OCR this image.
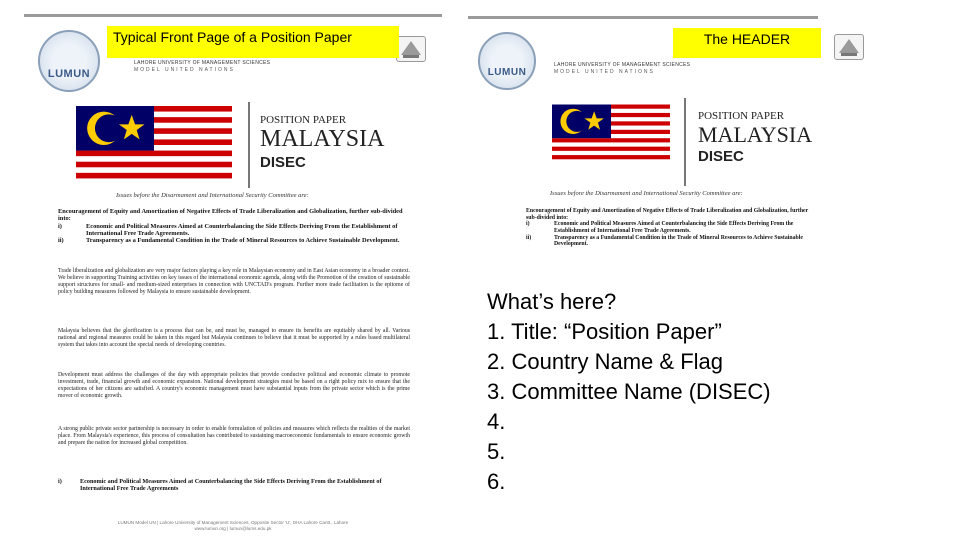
LUMUN
LAHORE UNIVERSITY OF MANAGEMENT SCIENCES
MODEL UNITED NATIONS
POSITION PAPER
MALAYSIA
DISEC
Issues before the Disarmament and International Security Committee are:
Encouragement of Equity and Amortization of Negative Effects of Trade Liberalization and Globalization, further sub-divided into:
i)	Economic and Political Measures Aimed at Counterbalancing the Side Effects Deriving From the Establishment of International Free Trade Agreements.
ii)	Transparency as a Fundamental Condition in the Trade of Mineral Resources to Achieve Sustainable Development.
Trade liberalization and globalization are very major factors playing a key role in Malaysian economy and in East Asian economy in a broader context. We believe in supporting Training activities on key issues of the international economic agenda, along with the Promotion of the creation of sustainable support structures for small- and medium-sized enterprises in connection with UNCTAD's program. Further more trade facilitation is the epitome of policy building measures followed by Malaysia to ensure sustainable development.
Malaysia believes that the glorification is a process that can be, and must be, managed to ensure its benefits are equitably shared by all. Various national and regional measures could be taken in this regard but Malaysia continues to believe that it must be supported by a rules based multilateral system that takes into account the special needs of developing countries.
Development must address the challenges of the day with appropriate policies that provide conducive political and economic climate to promote investment, trade, financial growth and economic expansion. National development strategies must be based on a right policy mix to ensure that the expectations of her citizens are satisfied. A country's economic management must have substantial inputs from the private sector which is the prime mover of economic growth.
A strong public private sector partnership is necessary in order to enable formulation of policies and measures which reflects the realities of the market place. From Malaysia's experience, this process of consultation has contributed to sustaining macroeconomic fundamentals to ensure economic growth and prepare the nation for increased global competition.
i)	Economic and Political Measures Aimed at Counterbalancing the Side Effects Deriving From the Establishment of International Free Trade Agreements
LUMUN Model UN | Lahore University of Management Sciences, Opposite Sector 'U', DHA Lahore Cantt., Lahore
www.lumun.org | lumun@lums.edu.pk
LUMUN
LAHORE UNIVERSITY OF MANAGEMENT SCIENCES
MODEL UNITED NATIONS
POSITION PAPER
MALAYSIA
DISEC
Issues before the Disarmament and International Security Committee are:
Encouragement of Equity and Amortization of Negative Effects of Trade Liberalization and Globalization, further sub-divided into:
i)	Economic and Political Measures Aimed at Counterbalancing the Side Effects Deriving From the Establishment of International Free Trade Agreements.
ii)	Transparency as a Fundamental Condition in the Trade of Mineral Resources to Achieve Sustainable Development.
Typical Front Page of a Position Paper	The HEADER
What’s here?
1. Title: “Position Paper”
2. Country Name & Flag
3. Committee Name (DISEC)
4.
5.
6.
